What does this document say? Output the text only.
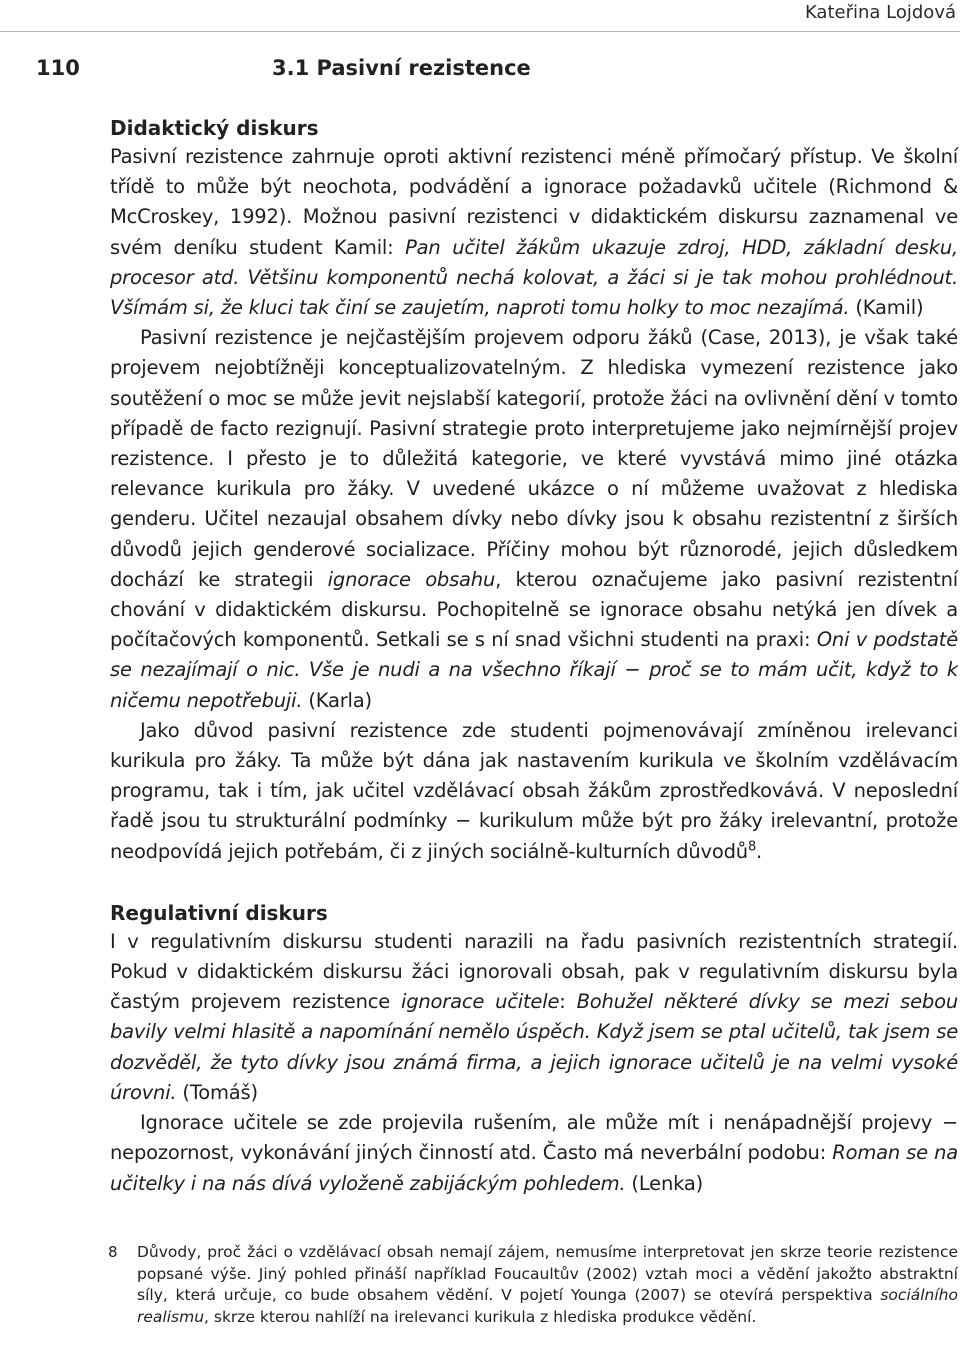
Kateřina Lojdová
110	3.1 Pasivní rezistence
Didaktický diskurs

Pasivní rezistence zahrnuje oproti aktivní rezistenci méně přímočarý přístup. Ve školní třídě to může být neochota, podvádění a ignorace požadavků učitele (Richmond & McCroskey, 1992). Možnou pasivní rezistenci v didaktickém diskursu zaznamenal ve svém deníku student Kamil: Pan učitel žákům ukazuje zdroj, HDD, základní desku, procesor atd. Většinu komponentů nechá kolovat, a žáci si je tak mohou prohlédnout. Všímám si, že kluci tak činí se zaujetím, naproti tomu holky to moc nezajímá. (Kamil)

Pasivní rezistence je nejčastějším projevem odporu žáků (Case, 2013), je však také projevem nejobtížněji konceptualizovatelným. Z hlediska vymezení rezistence jako soutěžení o moc se může jevit nejslabší kategorií, protože žáci na ovlivnění dění v tomto případě de facto rezignují. Pasivní strategie proto interpretujeme jako nejmírnější projev rezistence. I přesto je to důležitá kategorie, ve které vyvstává mimo jiné otázka relevance kurikula pro žáky. V uvedené ukázce o ní můžeme uvažovat z hlediska genderu. Učitel nezaujal obsahem dívky nebo dívky jsou k obsahu rezistentní z širších důvodů jejich genderové socializace. Příčiny mohou být různorodé, jejich důsledkem dochází ke strategii ignorace obsahu, kterou označujeme jako pasivní rezistentní chování v didaktickém diskursu. Pochopitelně se ignorace obsahu netýká jen dívek a počítačových komponentů. Setkali se s ní snad všichni studenti na praxi: Oni v podstatě se nezajímají o nic. Vše je nudi a na všechno říkají − proč se to mám učit, když to k ničemu nepotřebuji. (Karla)

Jako důvod pasivní rezistence zde studenti pojmenovávají zmíněnou irelevanci kurikula pro žáky. Ta může být dána jak nastavením kurikula ve školním vzdělávacím programu, tak i tím, jak učitel vzdělávací obsah žákům zprostředkovává. V neposlední řadě jsou tu strukturální podmínky − kurikulum může být pro žáky irelevantní, protože neodpovídá jejich potřebám, či z jiných sociálně-kulturních důvodů$^8$.

Regulativní diskurs

I v regulativním diskursu studenti narazili na řadu pasivních rezistentních strategií. Pokud v didaktickém diskursu žáci ignorovali obsah, pak v regulativním diskursu byla častým projevem rezistence ignorace učitele: Bohužel některé dívky se mezi sebou bavily velmi hlasitě a napomínání nemělo úspěch. Když jsem se ptal učitelů, tak jsem se dozvěděl, že tyto dívky jsou známá firma, a jejich ignorace učitelů je na velmi vysoké úrovni. (Tomáš)

Ignorace učitele se zde projevila rušením, ale může mít i nenápadnější projevy − nepozornost, vykonávání jiných činností atd. Často má neverbální podobu: Roman se na učitelky i na nás dívá vyloženě zabijáckým pohledem. (Lenka)

8 Důvody, proč žáci o vzdělávací obsah nemají zájem, nemusíme interpretovat jen skrze teorie rezistence popsané výše. Jiný pohled přináší například Foucaultův (2002) vztah moci a vědění jakožto abstraktní síly, která určuje, co bude obsahem vědění. V pojetí Younga (2007) se otevírá perspektiva sociálního realismu, skrze kterou nahlíží na irelevanci kurikula z hlediska produkce vědění.
